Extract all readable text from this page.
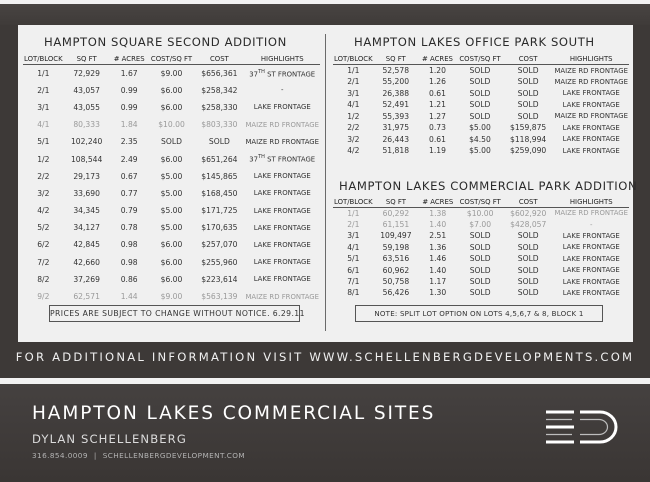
HAMPTON SQUARE SECOND ADDITION
LOT/BLOCK	SQ FT	# ACRES	COST/SQ FT	COST	HIGHLIGHTS
1/1	72,929	1.67	$9.00	$656,361	37TH ST FRONTAGE
2/1	43,057	0.99	$6.00	$258,342	-
3/1	43,055	0.99	$6.00	$258,330	LAKE FRONTAGE
4/1	80,333	1.84	$10.00	$803,330	MAIZE RD FRONTAGE
5/1	102,240	2.35	SOLD	SOLD	MAIZE RD FRONTAGE
1/2	108,544	2.49	$6.00	$651,264	37TH ST FRONTAGE
2/2	29,173	0.67	$5.00	$145,865	LAKE FRONTAGE
3/2	33,690	0.77	$5.00	$168,450	LAKE FRONTAGE
4/2	34,345	0.79	$5.00	$171,725	LAKE FRONTAGE
5/2	34,127	0.78	$5.00	$170,635	LAKE FRONTAGE
6/2	42,845	0.98	$6.00	$257,070	LAKE FRONTAGE
7/2	42,660	0.98	$6.00	$255,960	LAKE FRONTAGE
8/2	37,269	0.86	$6.00	$223,614	LAKE FRONTAGE
9/2	62,571	1.44	$9.00	$563,139	MAIZE RD FRONTAGE
PRICES ARE SUBJECT TO CHANGE WITHOUT NOTICE. 6.29.11
HAMPTON LAKES OFFICE PARK SOUTH
LOT/BLOCK	SQ FT	# ACRES	COST/SQ FT	COST	HIGHLIGHTS
1/1	52,578	1.20	SOLD	SOLD	MAIZE RD FRONTAGE
2/1	55,200	1.26	SOLD	SOLD	MAIZE RD FRONTAGE
3/1	26,388	0.61	SOLD	SOLD	LAKE FRONTAGE
4/1	52,491	1.21	SOLD	SOLD	LAKE FRONTAGE
1/2	55,393	1.27	SOLD	SOLD	MAIZE RD FRONTAGE
2/2	31,975	0.73	$5.00	$159,875	LAKE FRONTAGE
3/2	26,443	0.61	$4.50	$118,994	LAKE FRONTAGE
4/2	51,818	1.19	$5.00	$259,090	LAKE FRONTAGE
HAMPTON LAKES COMMERCIAL PARK ADDITION
LOT/BLOCK	SQ FT	# ACRES	COST/SQ FT	COST	HIGHLIGHTS
1/1	60,292	1.38	$10.00	$602,920	MAIZE RD FRONTAGE
2/1	61,151	1.40	$7.00	$428,057	-
3/1	109,497	2.51	SOLD	SOLD	LAKE FRONTAGE
4/1	59,198	1.36	SOLD	SOLD	LAKE FRONTAGE
5/1	63,516	1.46	SOLD	SOLD	LAKE FRONTAGE
6/1	60,962	1.40	SOLD	SOLD	LAKE FRONTAGE
7/1	50,758	1.17	SOLD	SOLD	LAKE FRONTAGE
8/1	56,426	1.30	SOLD	SOLD	LAKE FRONTAGE
NOTE: SPLIT LOT OPTION ON LOTS 4,5,6,7 & 8, BLOCK 1
FOR ADDITIONAL INFORMATION VISIT WWW.SCHELLENBERGDEVELOPMENTS.COM
HAMPTON LAKES COMMERCIAL SITES
DYLAN SCHELLENBERG
316.854.0009 | SCHELLENBERGDEVELOPMENT.COM
